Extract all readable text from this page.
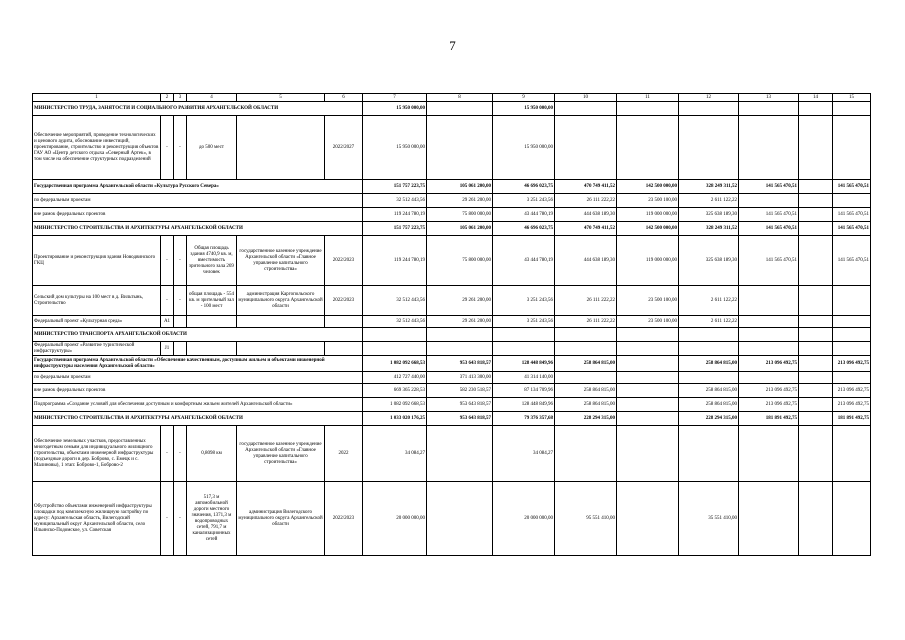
7
1	2	3	4	5	6	7	8	9	10	11	12	13	14	15
МИНИСТЕРСТВО ТРУДА, ЗАНЯТОСТИ И СОЦИАЛЬНОГО РАЗВИТИЯ АРХАНГЕЛЬСКОЙ ОБЛАСТИ						15 950 000,00		15 950 000,00						
Обеспечение мероприятий, проведение технологических и ценового аудита, обоснование инвестиций, проектирование, строительство и реконструкция объектов ГАУ АО «Центр детского отдыха «Северный Артек», в том числе на обеспечение структурных подразделений	-	-	до 500 мест		2022/2027	15 950 000,00		15 950 000,00						
Государственная программа Архангельской области «Культура Русского Севера»						151 757 223,75	105 061 200,00	46 696 023,75	470 749 411,52	142 500 000,00	328 249 311,52	141 565 470,51		141 565 470,51
по федеральным проектам						32 512 443,56	29 261 200,00	3 251 243,56	26 111 222,22	23 500 100,00	2 611 122,22			
вне рамок федеральных проектов						119 244 780,19	75 800 000,00	43 444 780,19	444 638 189,30	119 000 000,00	325 638 189,30	141 565 470,51		141 565 470,51
МИНИСТЕРСТВО СТРОИТЕЛЬСТВА И АРХИТЕКТУРЫ АРХАНГЕЛЬСКОЙ ОБЛАСТИ						151 757 223,75	105 061 200,00	46 696 023,75	470 749 411,52	142 500 000,00	328 249 311,52	141 565 470,51		141 565 470,51
Проектирование и реконструкция здания Новодвинского ГКЦ	-	-	Общая площадь здания 4740,9 кв. м, вместимость зрительного зала 269 человек	государственное казенное учреждение Архангельской области «Главное управление капитального строительства»	2022/2023	119 244 780,19	75 800 000,00	43 444 780,19	444 638 189,30	119 000 000,00	325 638 189,30	141 565 470,51		141 565 470,51
Сельский дом культуры на 100 мест в д. Вильтынь, Строительство	-	-	общая площадь - 554 кв. м зрительный зал - 100 мест	администрация Каргопольского муниципального округа Архангельской области	2022/2023	32 512 443,56	29 261 200,00	3 251 243,56	26 111 222,22	23 500 100,00	2 611 122,22			
Федеральный проект «Культурная среда»	А1					32 512 443,56	29 261 200,00	3 251 243,56	26 111 222,22	23 500 100,00	2 611 122,22			
МИНИСТЕРСТВО ТРАНСПОРТА АРХАНГЕЛЬСКОЙ ОБЛАСТИ														
Федеральный проект «Развитие туристической инфраструктуры»	J1													
Государственная программа Архангельской области «Обеспечение качественным, доступным жильем и объектами инженерной инфраструктуры населения Архангельской области»						1 082 092 668,53	953 643 818,57	128 448 849,96	258 864 815,00		258 864 815,00	213 096 492,75		213 096 492,75
по федеральным проектам						412 727 440,00	371 413 300,00	41 314 140,00						
вне рамок федеральных проектов						669 365 228,53	582 230 518,57	87 134 709,96	258 864 815,00		258 864 815,00	213 096 492,75		213 096 492,75
Подпрограмма «Создание условий для обеспечения доступным и комфортным жильем жителей Архангельской области»						1 082 092 668,53	953 643 818,57	128 448 849,96	258 864 815,00		258 864 815,00	213 096 492,75		213 096 492,75
МИНИСТЕРСТВО СТРОИТЕЛЬСТВА И АРХИТЕКТУРЫ АРХАНГЕЛЬСКОЙ ОБЛАСТИ						1 033 020 176,25	953 643 818,57	79 376 357,68	228 294 315,00		228 294 315,00	181 891 492,75		181 891 492,75
Обеспечение земельных участков, предоставленных многодетным семьям для индивидуального жилищного строительства, объектами инженерной инфраструктуры (подъездные дороги в дер. Боброво, с. Емецк и с. Малиновы), 1 этап: Боброво-1, Боброво-2	-	-	0,8098 км	государственное казенное учреждение Архангельской области «Главное управление капитального строительства»	2022	34 084,27		34 084,27						
Обустройство объектами инженерной инфраструктуры площадки под комплексную жилищную застройку по адресу: Архангельская область, Вилегодский муниципальный округ Архангельской области, село Ильинско-Подомское, ул. Советская	-	-	517,3 м автомобильной дороги местного значения, 1371,3 м водопроводных сетей, 791,7 м канализационных сетей	администрация Вилегодского муниципального округа Архангельской области	2022/2023	20 000 000,00		20 000 000,00	95 551 410,00		35 551 410,00			
